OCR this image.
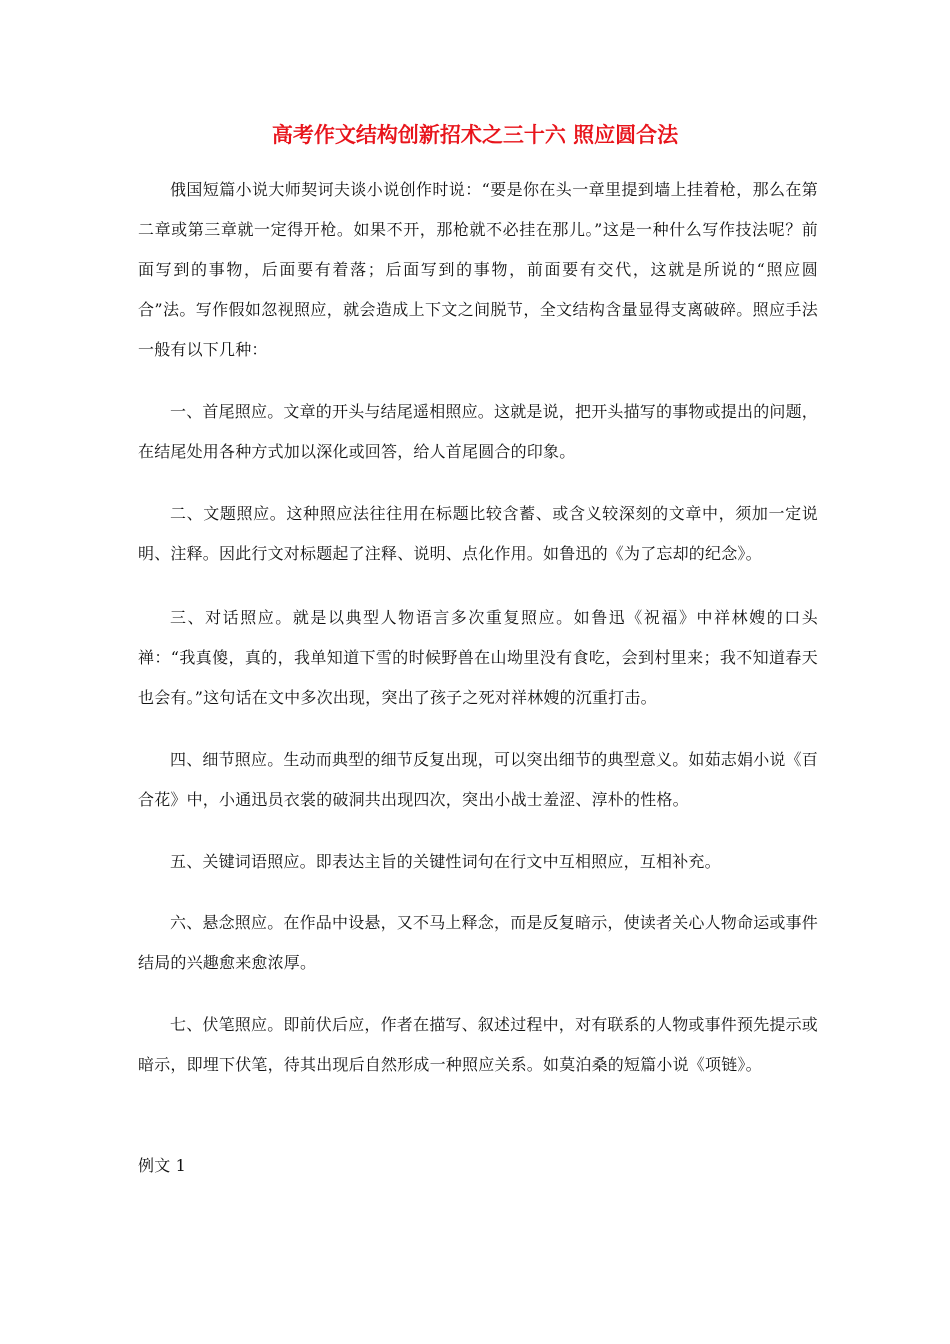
高考作文结构创新招术之三十六 照应圆合法

俄国短篇小说大师契诃夫谈小说创作时说：“要是你在头一章里提到墙上挂着枪，那么在第二章或第三章就一定得开枪。如果不开，那枪就不必挂在那儿。”这是一种什么写作技法呢？前面写到的事物，后面要有着落；后面写到的事物，前面要有交代，这就是所说的“照应圆合”法。写作假如忽视照应，就会造成上下文之间脱节，全文结构含量显得支离破碎。照应手法一般有以下几种：

一、首尾照应。文章的开头与结尾遥相照应。这就是说，把开头描写的事物或提出的问题，在结尾处用各种方式加以深化或回答，给人首尾圆合的印象。

二、文题照应。这种照应法往往用在标题比较含蓄、或含义较深刻的文章中，须加一定说明、注释。因此行文对标题起了注释、说明、点化作用。如鲁迅的《为了忘却的纪念》。

三、对话照应。就是以典型人物语言多次重复照应。如鲁迅《祝福》中祥林嫂的口头禅：“我真傻，真的，我单知道下雪的时候野兽在山坳里没有食吃，会到村里来；我不知道春天也会有。”这句话在文中多次出现，突出了孩子之死对祥林嫂的沉重打击。

四、细节照应。生动而典型的细节反复出现，可以突出细节的典型意义。如茹志娟小说《百合花》中，小通迅员衣裳的破洞共出现四次，突出小战士羞涩、淳朴的性格。

五、关键词语照应。即表达主旨的关键性词句在行文中互相照应，互相补充。

六、悬念照应。在作品中设悬，又不马上释念，而是反复暗示，使读者关心人物命运或事件结局的兴趣愈来愈浓厚。

七、伏笔照应。即前伏后应，作者在描写、叙述过程中，对有联系的人物或事件预先提示或暗示，即埋下伏笔，待其出现后自然形成一种照应关系。如莫泊桑的短篇小说《项链》。

例文 1
